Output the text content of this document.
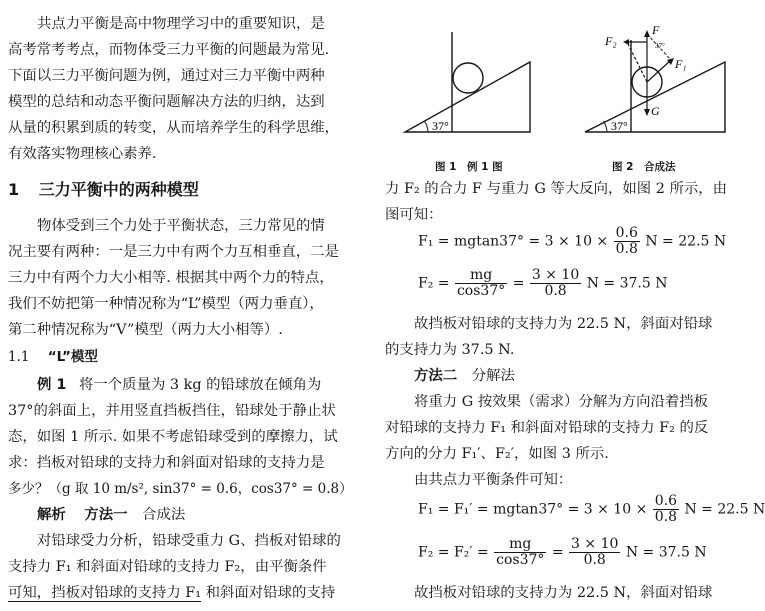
共点力平衡是高中物理学习中的重要知识，是

高考常考考点，而物体受三力平衡的问题最为常见.

下面以三力平衡问题为例，通过对三力平衡中两种

模型的总结和动态平衡问题解决方法的归纳，达到

从量的积累到质的转变，从而培养学生的科学思维，

有效落实物理核心素养.

1 三力平衡中的两种模型

物体受到三个力处于平衡状态，三力常见的情

况主要有两种：一是三力中有两个力互相垂直，二是

三力中有两个力大小相等. 根据其中两个力的特点，

我们不妨把第一种情况称为“L”模型（两力垂直），

第二种情况称为“V”模型（两力大小相等）.

1.1 “L”模型

例 1 将一个质量为 3 kg 的铅球放在倾角为

37°的斜面上，并用竖直挡板挡住，铅球处于静止状

态，如图 1 所示. 如果不考虑铅球受到的摩擦力，试

求：挡板对铅球的支持力和斜面对铅球的支持力是

多少？（g 取 10 m/s², sin37° = 0.6，cos37° = 0.8）

解析 方法一 合成法

对铅球受力分析，铅球受重力 G、挡板对铅球的

支持力 F₁ 和斜面对铅球的支持力 F₂，由平衡条件

可知，挡板对铅球的支持力 F₁ 和斜面对铅球的支持

37°	37°
F₂
F
37°
F₁
G

图 1　例 1 图	图 2　合成法

力 F₂ 的合力 F 与重力 G 等大反向，如图 2 所示，由

图可知：

$F_1 = mgtan37^\circ = 3 \times 10 \times \frac{0.6}{0.8}$ N = 22.5 N
$F_2 = \frac{mg}{\cos 37^\circ} = \frac{3 \times 10}{0.8}$ N = 37.5 N

故挡板对铅球的支持力为 22.5 N，斜面对铅球

的支持力为 37.5 N.

方法二 分解法

将重力 G 按效果（需求）分解为方向沿着挡板

对铅球的支持力 F₁ 和斜面对铅球的支持力 F₂ 的反

方向的分力 F₁′、F₂′，如图 3 所示.

由共点力平衡条件可知：

$F_1 = F_1' = mgtan37^\circ = 3 \times 10 \times \frac{0.6}{0.8}$ N = 22.5 N
$F_2 = F_2' = \frac{mg}{\cos 37^\circ} = \frac{3 \times 10}{0.8}$ N = 37.5 N

故挡板对铅球的支持力为 22.5 N，斜面对铅球
